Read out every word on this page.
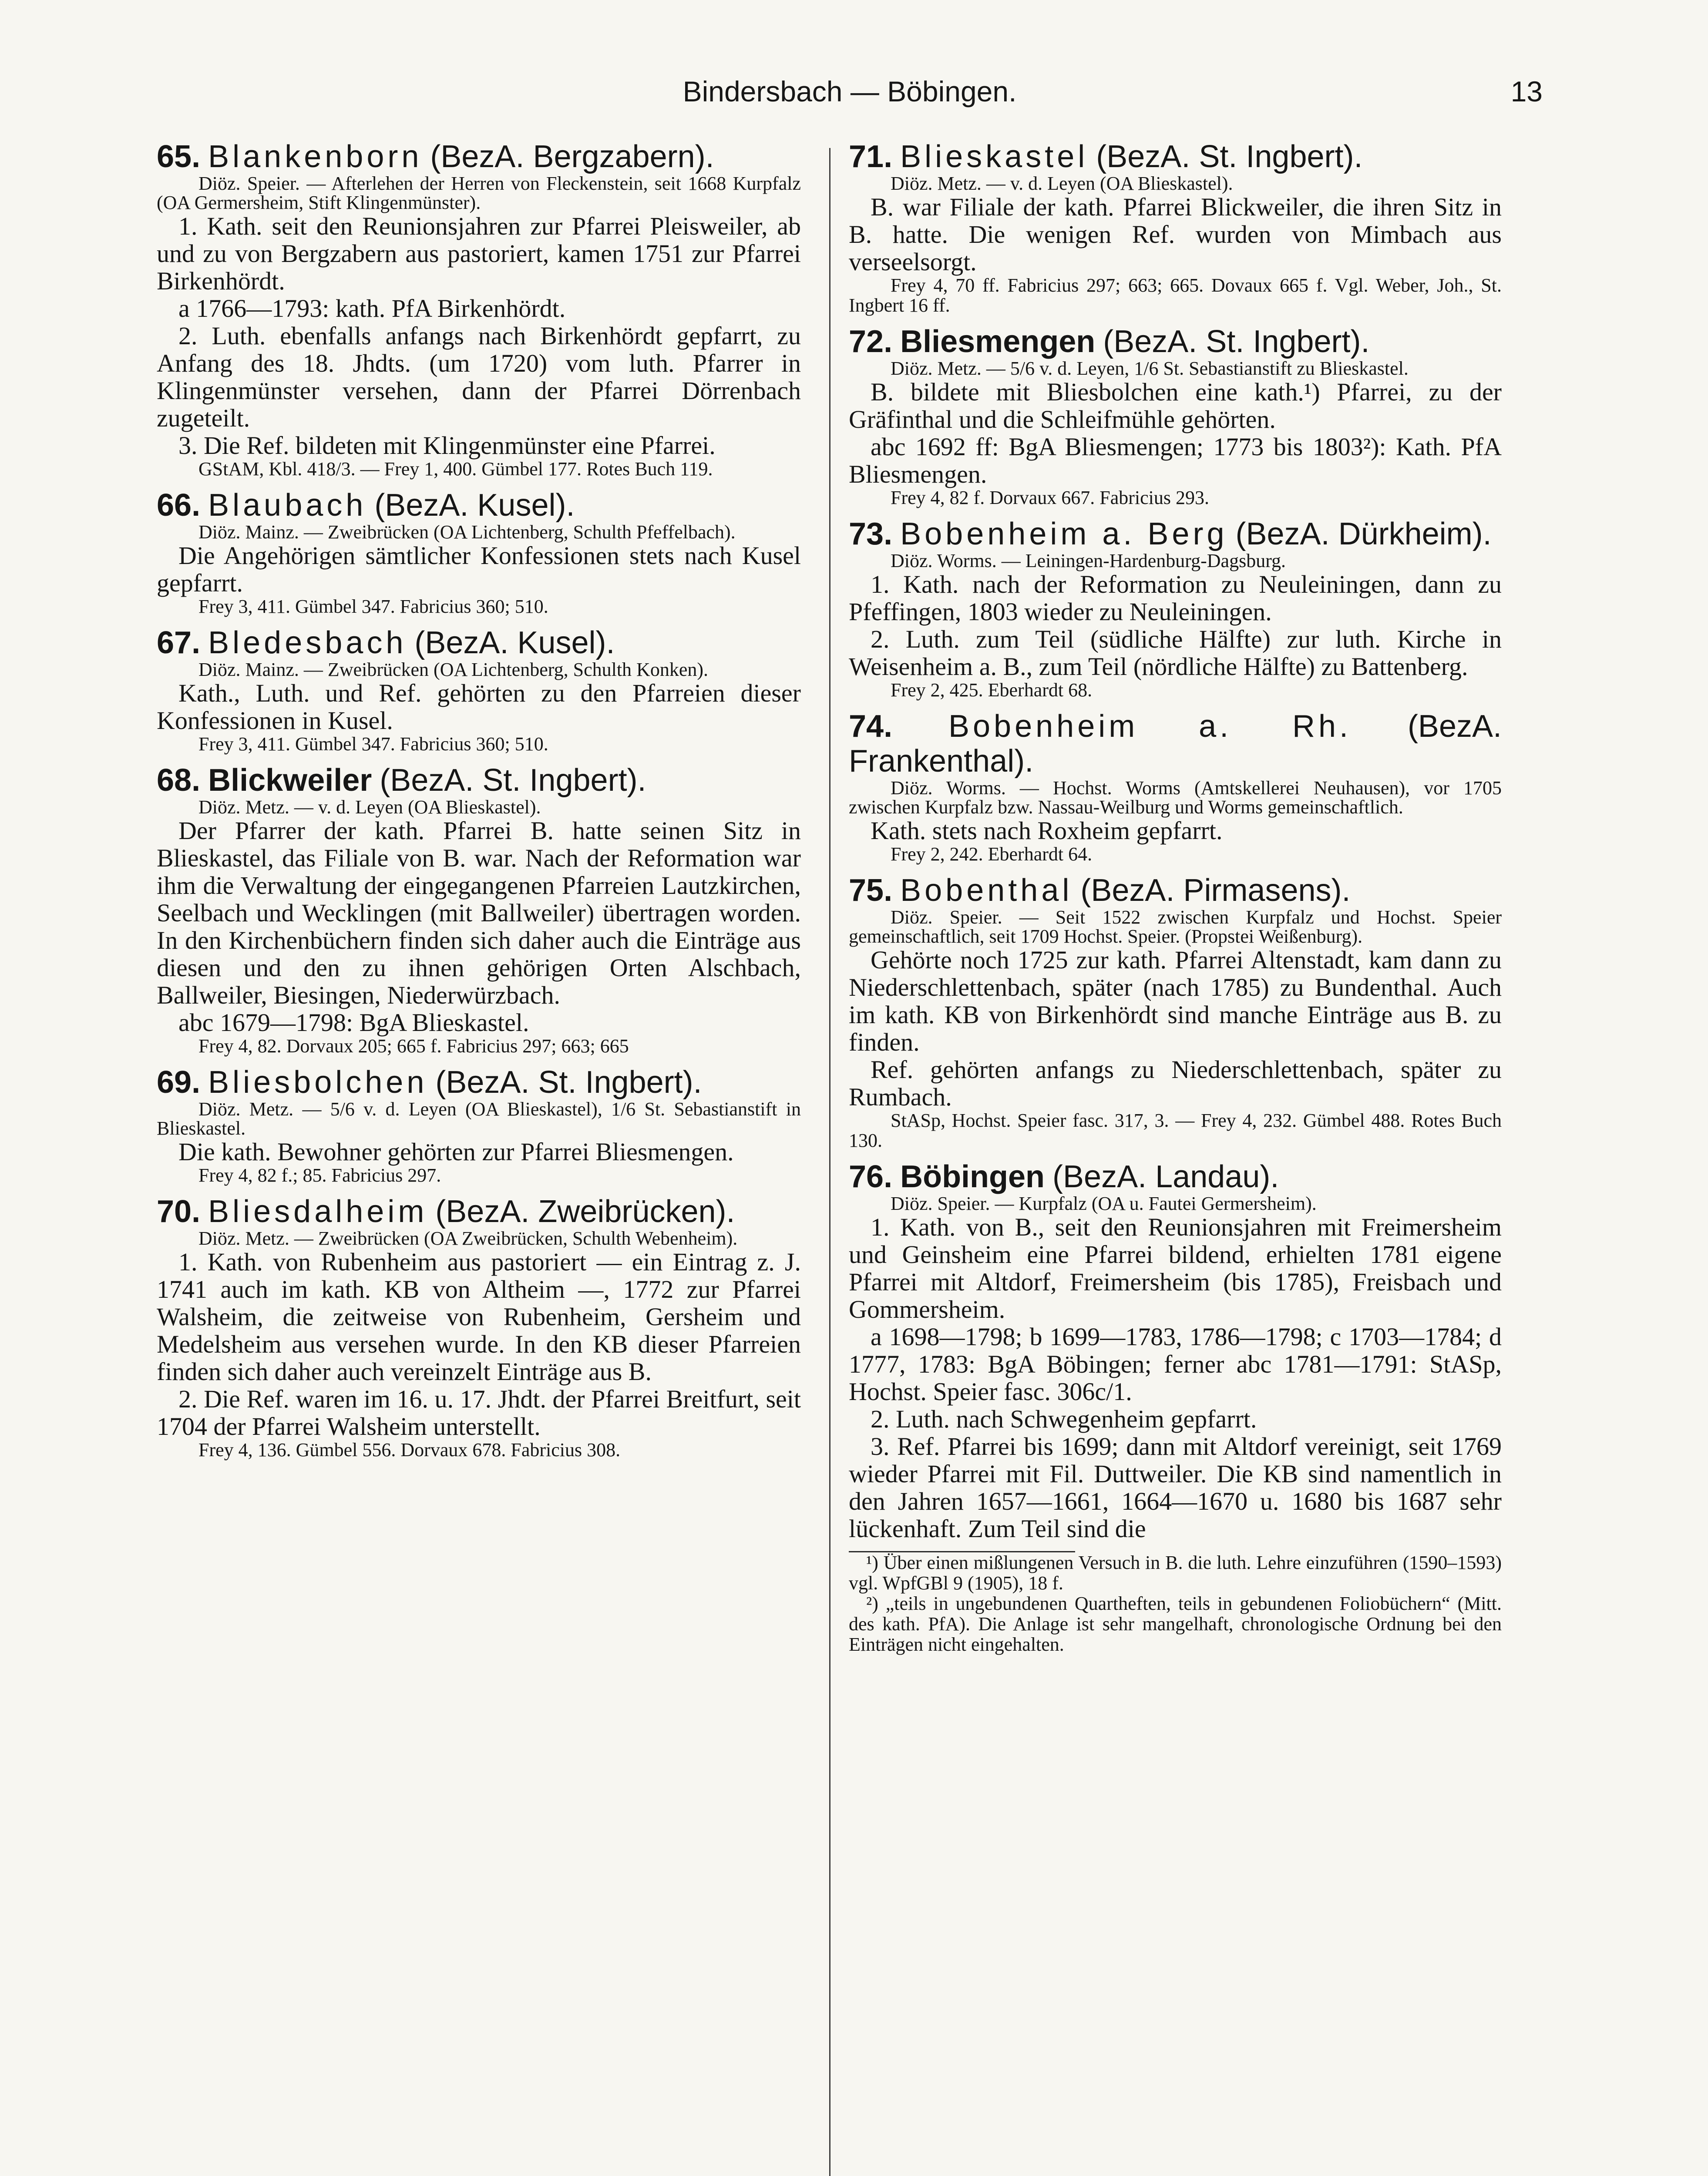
Bindersbach — Böbingen.	13

65. Blankenborn (BezA. Bergzabern).

Diöz. Speier. — Afterlehen der Herren von Fleckenstein, seit 1668 Kurpfalz (OA Germersheim, Stift Klingenmünster).

1. Kath. seit den Reunionsjahren zur Pfarrei Pleisweiler, ab und zu von Bergzabern aus pastoriert, kamen 1751 zur Pfarrei Birkenhördt.

a 1766—1793: kath. PfA Birkenhördt.

2. Luth. ebenfalls anfangs nach Birkenhördt gepfarrt, zu Anfang des 18. Jhdts. (um 1720) vom luth. Pfarrer in Klingenmünster versehen, dann der Pfarrei Dörrenbach zugeteilt.

3. Die Ref. bildeten mit Klingenmünster eine Pfarrei.

GStAM, Kbl. 418/3. — Frey 1, 400. Gümbel 177. Rotes Buch 119.

66. Blaubach (BezA. Kusel).

Diöz. Mainz. — Zweibrücken (OA Lichtenberg, Schulth Pfeffelbach).

Die Angehörigen sämtlicher Konfessionen stets nach Kusel gepfarrt.

Frey 3, 411. Gümbel 347. Fabricius 360; 510.

67. Bledesbach (BezA. Kusel).

Diöz. Mainz. — Zweibrücken (OA Lichtenberg, Schulth Konken).

Kath., Luth. und Ref. gehörten zu den Pfarreien dieser Konfessionen in Kusel.

Frey 3, 411. Gümbel 347. Fabricius 360; 510.

68. Blickweiler (BezA. St. Ingbert).

Diöz. Metz. — v. d. Leyen (OA Blieskastel).

Der Pfarrer der kath. Pfarrei B. hatte seinen Sitz in Blieskastel, das Filiale von B. war. Nach der Reformation war ihm die Verwaltung der eingegangenen Pfarreien Lautzkirchen, Seelbach und Wecklingen (mit Ballweiler) übertragen worden. In den Kirchenbüchern finden sich daher auch die Einträge aus diesen und den zu ihnen gehörigen Orten Alschbach, Ballweiler, Biesingen, Niederwürzbach.

abc 1679—1798: BgA Blieskastel.

Frey 4, 82. Dorvaux 205; 665 f. Fabricius 297; 663; 665

69. Bliesbolchen (BezA. St. Ingbert).

Diöz. Metz. — 5/6 v. d. Leyen (OA Blieskastel), 1/6 St. Sebastianstift in Blieskastel.

Die kath. Bewohner gehörten zur Pfarrei Bliesmengen.

Frey 4, 82 f.; 85. Fabricius 297.

70. Bliesdalheim (BezA. Zweibrücken).

Diöz. Metz. — Zweibrücken (OA Zweibrücken, Schulth Webenheim).

1. Kath. von Rubenheim aus pastoriert — ein Eintrag z. J. 1741 auch im kath. KB von Altheim —, 1772 zur Pfarrei Walsheim, die zeitweise von Rubenheim, Gersheim und Medelsheim aus versehen wurde. In den KB dieser Pfarreien finden sich daher auch vereinzelt Einträge aus B.

2. Die Ref. waren im 16. u. 17. Jhdt. der Pfarrei Breitfurt, seit 1704 der Pfarrei Walsheim unterstellt.

Frey 4, 136. Gümbel 556. Dorvaux 678. Fabricius 308.

71. Blieskastel (BezA. St. Ingbert).

Diöz. Metz. — v. d. Leyen (OA Blieskastel).

B. war Filiale der kath. Pfarrei Blickweiler, die ihren Sitz in B. hatte. Die wenigen Ref. wurden von Mimbach aus verseelsorgt.

Frey 4, 70 ff. Fabricius 297; 663; 665. Dovaux 665 f. Vgl. Weber, Joh., St. Ingbert 16 ff.

72. Bliesmengen (BezA. St. Ingbert).

Diöz. Metz. — 5/6 v. d. Leyen, 1/6 St. Sebastianstift zu Blieskastel.

B. bildete mit Bliesbolchen eine kath.¹) Pfarrei, zu der Gräfinthal und die Schleifmühle gehörten.

abc 1692 ff: BgA Bliesmengen; 1773 bis 1803²): Kath. PfA Bliesmengen.

Frey 4, 82 f. Dorvaux 667. Fabricius 293.

73. Bobenheim a. Berg (BezA. Dürkheim).

Diöz. Worms. — Leiningen-Hardenburg-Dagsburg.

1. Kath. nach der Reformation zu Neuleiningen, dann zu Pfeffingen, 1803 wieder zu Neuleiningen.

2. Luth. zum Teil (südliche Hälfte) zur luth. Kirche in Weisenheim a. B., zum Teil (nördliche Hälfte) zu Battenberg.

Frey 2, 425. Eberhardt 68.

74. Bobenheim a. Rh. (BezA. Frankenthal).

Diöz. Worms. — Hochst. Worms (Amtskellerei Neuhausen), vor 1705 zwischen Kurpfalz bzw. Nassau-Weilburg und Worms gemeinschaftlich.

Kath. stets nach Roxheim gepfarrt.

Frey 2, 242. Eberhardt 64.

75. Bobenthal (BezA. Pirmasens).

Diöz. Speier. — Seit 1522 zwischen Kurpfalz und Hochst. Speier gemeinschaftlich, seit 1709 Hochst. Speier. (Propstei Weißenburg).

Gehörte noch 1725 zur kath. Pfarrei Altenstadt, kam dann zu Niederschlettenbach, später (nach 1785) zu Bundenthal. Auch im kath. KB von Birkenhördt sind manche Einträge aus B. zu finden.

Ref. gehörten anfangs zu Niederschlettenbach, später zu Rumbach.

StASp, Hochst. Speier fasc. 317, 3. — Frey 4, 232. Gümbel 488. Rotes Buch 130.

76. Böbingen (BezA. Landau).

Diöz. Speier. — Kurpfalz (OA u. Fautei Germersheim).

1. Kath. von B., seit den Reunionsjahren mit Freimersheim und Geinsheim eine Pfarrei bildend, erhielten 1781 eigene Pfarrei mit Altdorf, Freimersheim (bis 1785), Freisbach und Gommersheim.

a 1698—1798; b 1699—1783, 1786—1798; c 1703—1784; d 1777, 1783: BgA Böbingen; ferner abc 1781—1791: StASp, Hochst. Speier fasc. 306c/1.

2. Luth. nach Schwegenheim gepfarrt.

3. Ref. Pfarrei bis 1699; dann mit Altdorf vereinigt, seit 1769 wieder Pfarrei mit Fil. Duttweiler. Die KB sind namentlich in den Jahren 1657—1661, 1664—1670 u. 1680 bis 1687 sehr lückenhaft. Zum Teil sind die

¹) Über einen mißlungenen Versuch in B. die luth. Lehre einzuführen (1590–1593) vgl. WpfGBl 9 (1905), 18 f.

²) „teils in ungebundenen Quartheften, teils in gebundenen Foliobüchern“ (Mitt. des kath. PfA). Die Anlage ist sehr mangelhaft, chronologische Ordnung bei den Einträgen nicht eingehalten.
